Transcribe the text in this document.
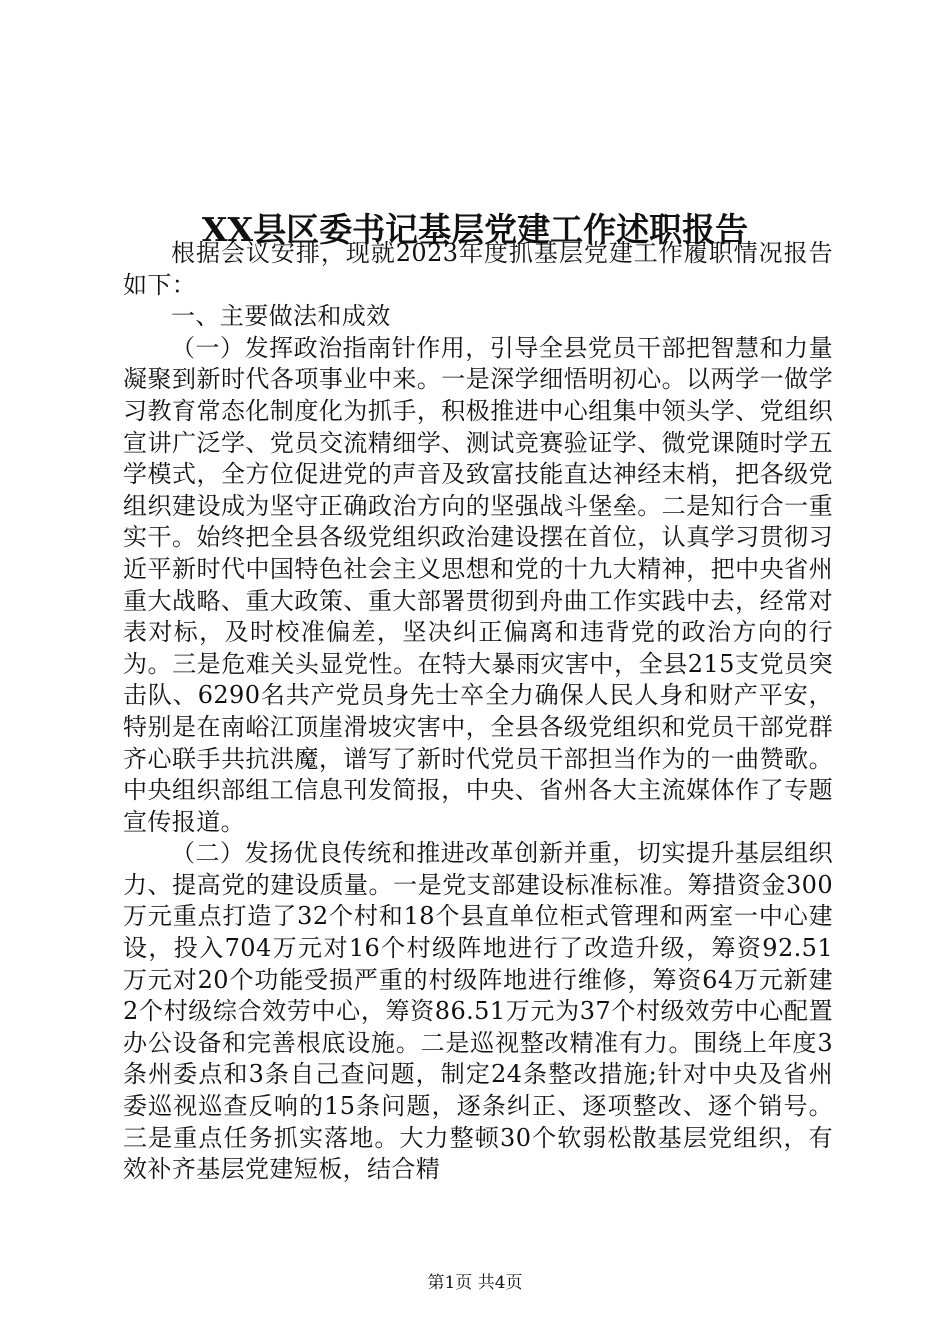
XX县区委书记基层党建工作述职报告

根据会议安排，现就2023年度抓基层党建工作履职情况报告如下：

一、主要做法和成效

（一）发挥政治指南针作用，引导全县党员干部把智慧和力量凝聚到新时代各项事业中来。一是深学细悟明初心。以两学一做学习教育常态化制度化为抓手，积极推进中心组集中领头学、党组织宣讲广泛学、党员交流精细学、测试竞赛验证学、微党课随时学五学模式，全方位促进党的声音及致富技能直达神经末梢，把各级党组织建设成为坚守正确政治方向的坚强战斗堡垒。二是知行合一重实干。始终把全县各级党组织政治建设摆在首位，认真学习贯彻习近平新时代中国特色社会主义思想和党的十九大精神，把中央省州重大战略、重大政策、重大部署贯彻到舟曲工作实践中去，经常对表对标，及时校准偏差，坚决纠正偏离和违背党的政治方向的行为。三是危难关头显党性。在特大暴雨灾害中，全县215支党员突击队、6290名共产党员身先士卒全力确保人民人身和财产平安，特别是在南峪江顶崖滑坡灾害中，全县各级党组织和党员干部党群齐心联手共抗洪魔，谱写了新时代党员干部担当作为的一曲赞歌。中央组织部组工信息刊发简报，中央、省州各大主流媒体作了专题宣传报道。

（二）发扬优良传统和推进改革创新并重，切实提升基层组织力、提高党的建设质量。一是党支部建设标准标准。筹措资金300万元重点打造了32个村和18个县直单位柜式管理和两室一中心建设，投入704万元对16个村级阵地进行了改造升级，筹资92.51万元对20个功能受损严重的村级阵地进行维修，筹资64万元新建2个村级综合效劳中心，筹资86.51万元为37个村级效劳中心配置办公设备和完善根底设施。二是巡视整改精准有力。围绕上年度3条州委点和3条自己查问题，制定24条整改措施;针对中央及省州委巡视巡查反响的15条问题，逐条纠正、逐项整改、逐个销号。三是重点任务抓实落地。大力整顿30个软弱松散基层党组织，有效补齐基层党建短板，结合精

第1页 共4页
